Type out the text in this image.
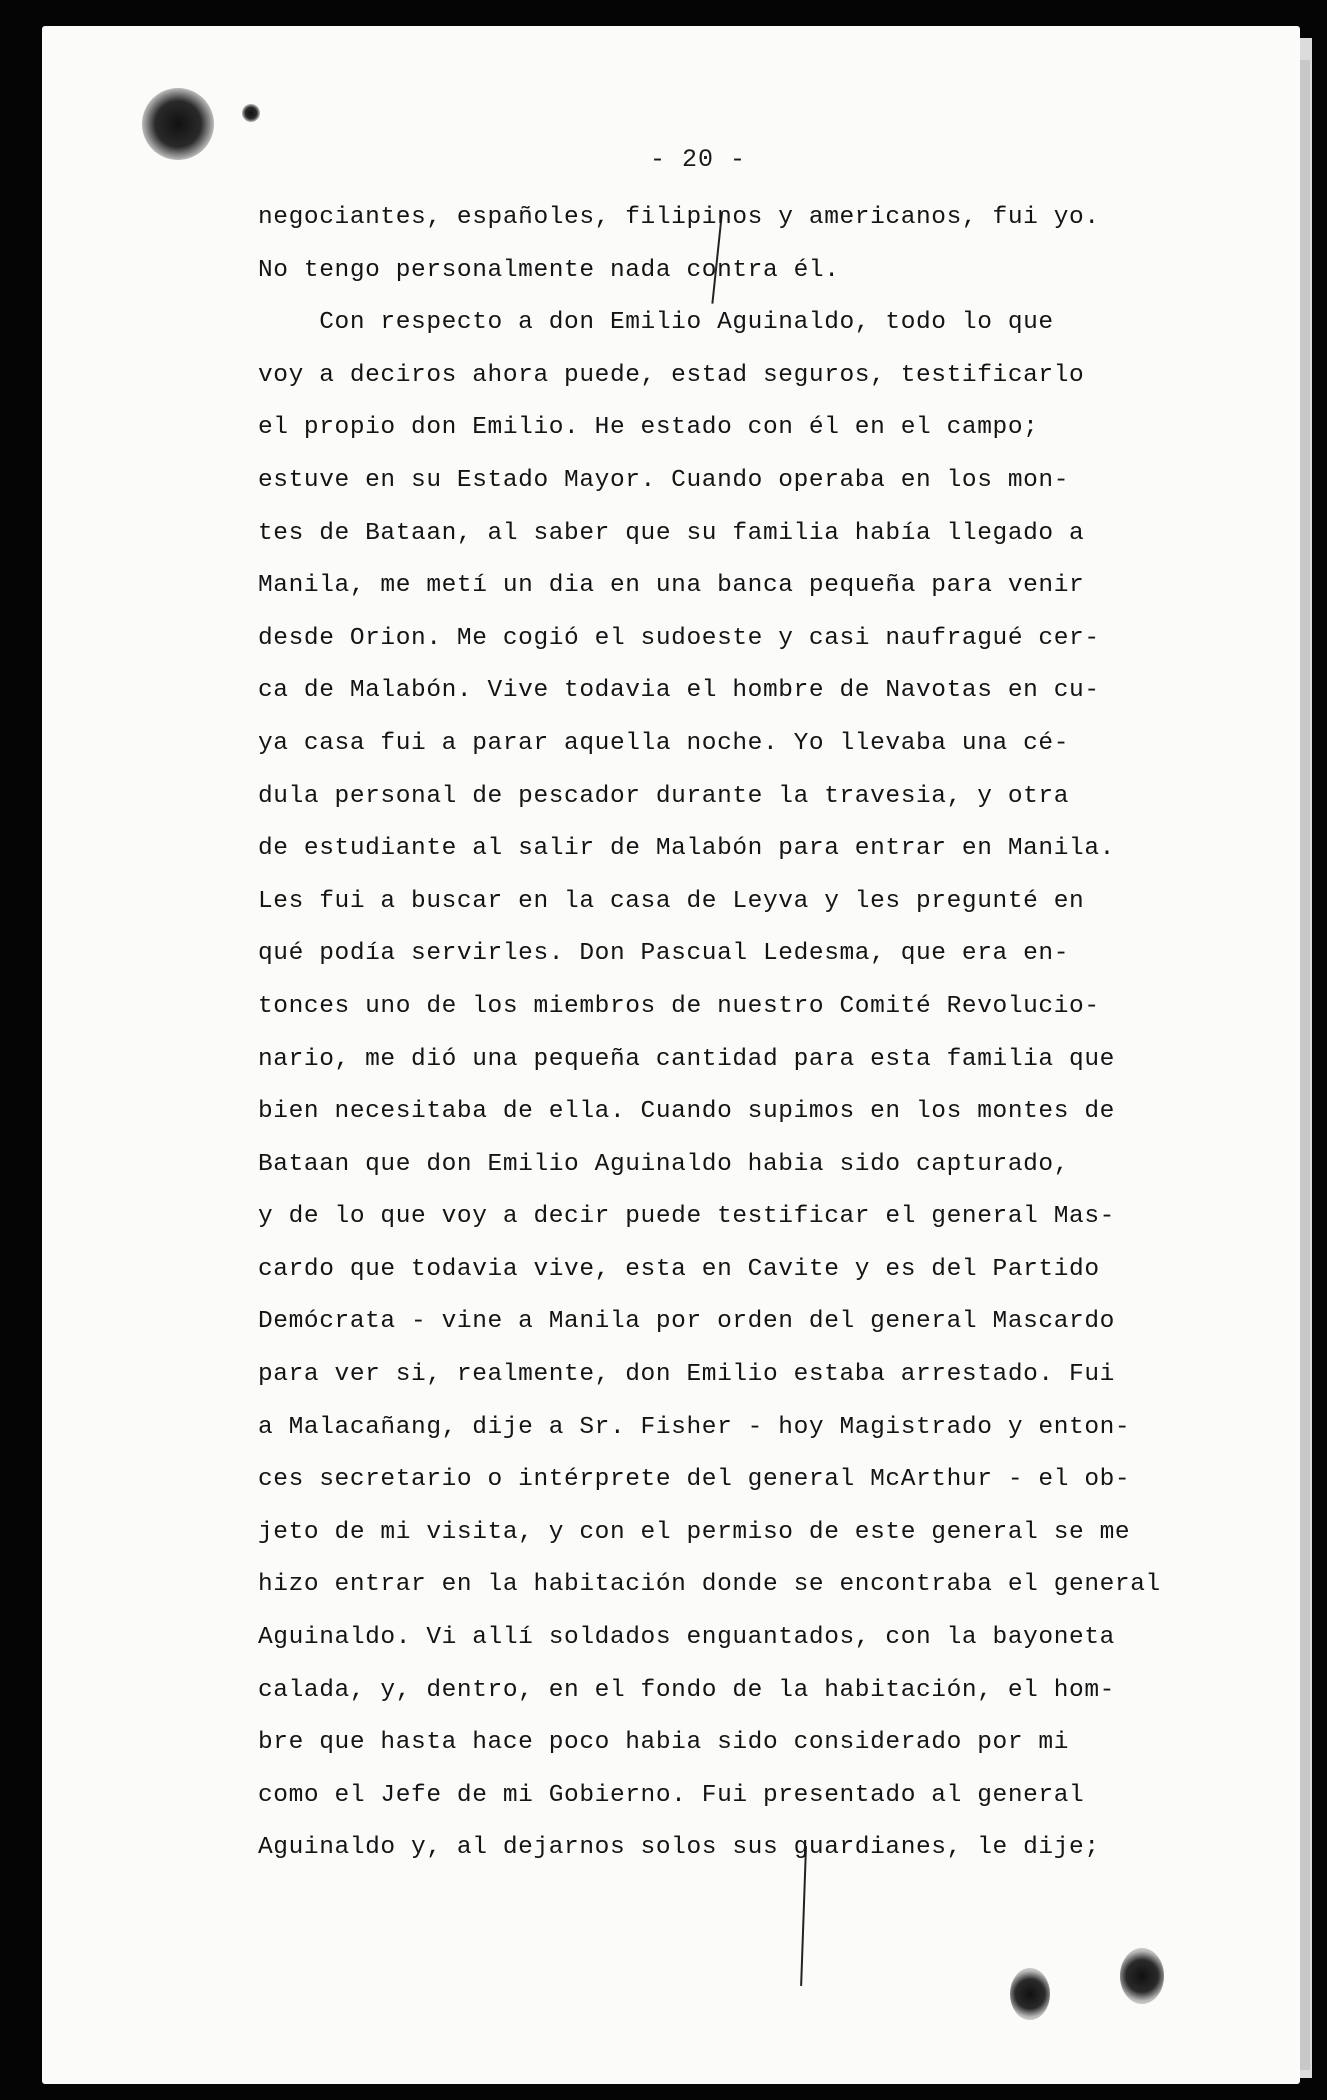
- 20 -
negociantes, españoles, filipinos y americanos, fui yo.
No tengo personalmente nada contra él.
Con respecto a don Emilio Aguinaldo, todo lo que
voy a deciros ahora puede, estad seguros, testificarlo
el propio don Emilio. He estado con él en el campo;
estuve en su Estado Mayor. Cuando operaba en los mon-
tes de Bataan, al saber que su familia había llegado a
Manila, me metí un dia en una banca pequeña para venir
desde Orion. Me cogió el sudoeste y casi naufragué cer-
ca de Malabón. Vive todavia el hombre de Navotas en cu-
ya casa fui a parar aquella noche. Yo llevaba una cé-
dula personal de pescador durante la travesia, y otra
de estudiante al salir de Malabón para entrar en Manila.
Les fui a buscar en la casa de Leyva y les pregunté en
qué podía servirles. Don Pascual Ledesma, que era en-
tonces uno de los miembros de nuestro Comité Revolucio-
nario, me dió una pequeña cantidad para esta familia que
bien necesitaba de ella. Cuando supimos en los montes de
Bataan que don Emilio Aguinaldo habia sido capturado,
y de lo que voy a decir puede testificar el general Mas-
cardo que todavia vive, esta en Cavite y es del Partido
Demócrata - vine a Manila por orden del general Mascardo
para ver si, realmente, don Emilio estaba arrestado. Fui
a Malacañang, dije a Sr. Fisher - hoy Magistrado y enton-
ces secretario o intérprete del general McArthur - el ob-
jeto de mi visita, y con el permiso de este general se me
hizo entrar en la habitación donde se encontraba el general
Aguinaldo. Vi allí soldados enguantados, con la bayoneta
calada, y, dentro, en el fondo de la habitación, el hom-
bre que hasta hace poco habia sido considerado por mi
como el Jefe de mi Gobierno. Fui presentado al general
Aguinaldo y, al dejarnos solos sus guardianes, le dije;
